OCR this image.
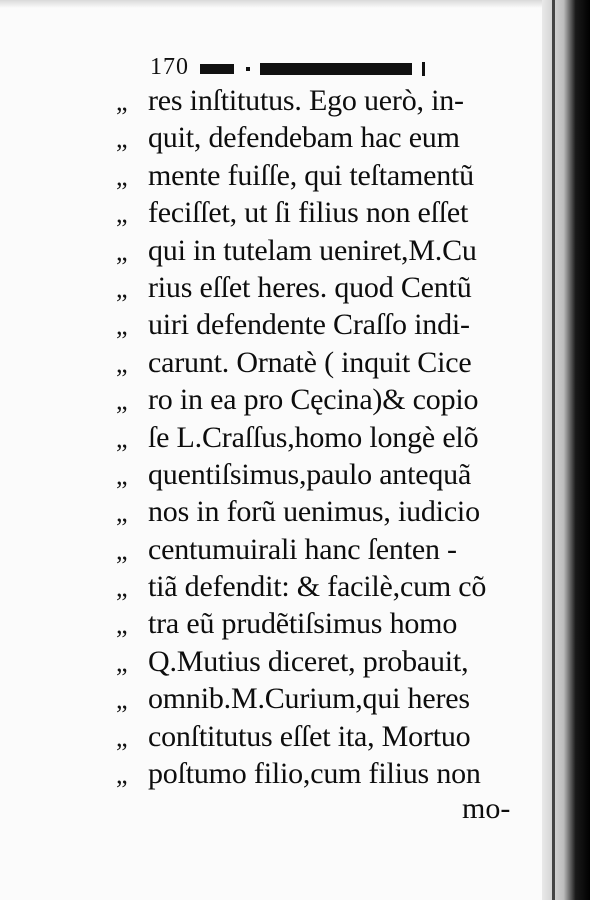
170
„ res inſtitutus. Ego uerò, in-
„ quit, defendebam hac eum
„ mente fuiſſe, qui teſtamentũ
„ feciſſet, ut ſi filius non eſſet
„ qui in tutelam ueniret,M.Cu
„ rius eſſet heres. quod Centũ
„ uiri defendente Craſſo indi-
„ carunt. Ornatè ( inquit Cice
„ ro in ea pro Cęcina)& copio
„ ſe L.Craſſus,homo longè elõ
„ quentiſsimus,paulo antequã
„ nos in forũ uenimus, iudicio
„ centumuirali hanc ſenten -
„ tiã defendit: & facilè,cum cõ
„ tra eũ prudẽtiſsimus homo
„ Q.Mutius diceret, probauit,
„ omnib.M.Curium,qui heres
„ conſtitutus eſſet ita, Mortuo
„ poſtumo filio,cum filius non
mo-
